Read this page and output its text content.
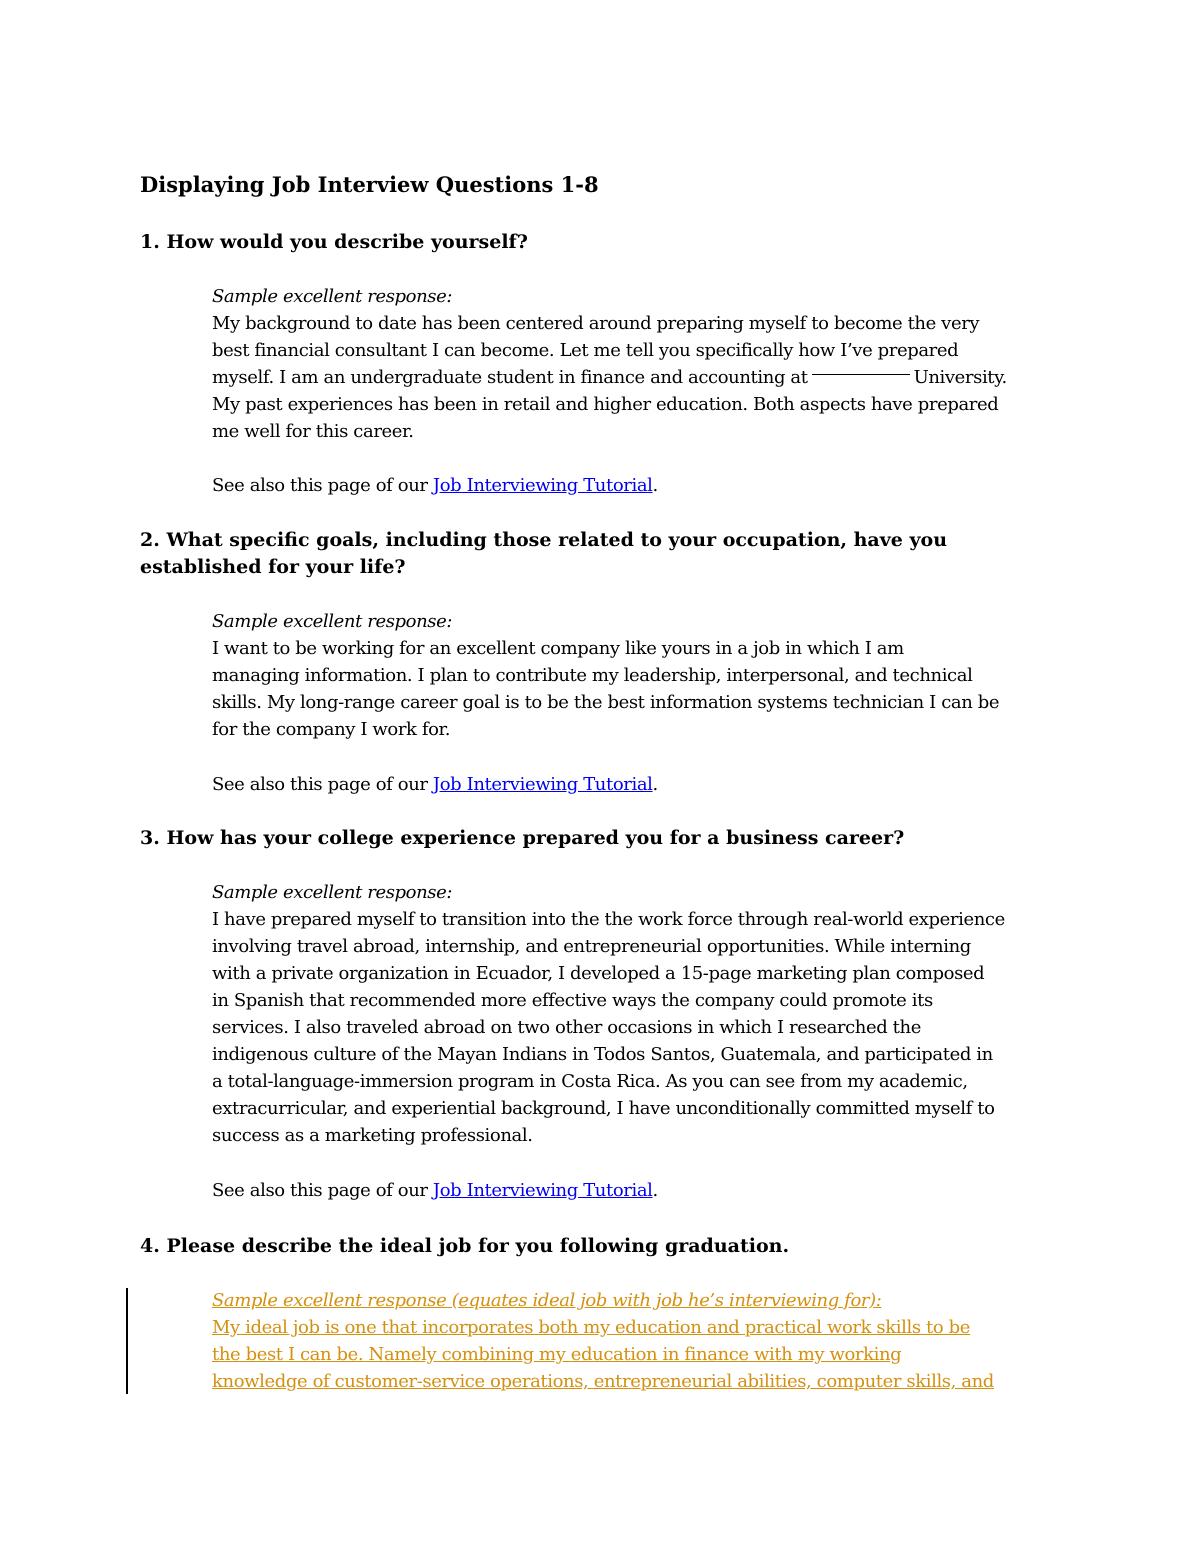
Displaying Job Interview Questions 1-8
1. How would you describe yourself?
Sample excellent response:
My background to date has been centered around preparing myself to become the very
best financial consultant I can become. Let me tell you specifically how I’ve prepared
myself. I am an undergraduate student in finance and accounting at	University.
My past experiences has been in retail and higher education. Both aspects have prepared
me well for this career.
See also this page of our Job Interviewing Tutorial.
2. What specific goals, including those related to your occupation, have you established for your life?
Sample excellent response:
I want to be working for an excellent company like yours in a job in which I am
managing information. I plan to contribute my leadership, interpersonal, and technical
skills. My long-range career goal is to be the best information systems technician I can be
for the company I work for.
See also this page of our Job Interviewing Tutorial.
3. How has your college experience prepared you for a business career?
Sample excellent response:
I have prepared myself to transition into the the work force through real-world experience
involving travel abroad, internship, and entrepreneurial opportunities. While interning
with a private organization in Ecuador, I developed a 15-page marketing plan composed
in Spanish that recommended more effective ways the company could promote its
services. I also traveled abroad on two other occasions in which I researched the
indigenous culture of the Mayan Indians in Todos Santos, Guatemala, and participated in
a total-language-immersion program in Costa Rica. As you can see from my academic,
extracurricular, and experiential background, I have unconditionally committed myself to
success as a marketing professional.
See also this page of our Job Interviewing Tutorial.
4. Please describe the ideal job for you following graduation.
Sample excellent response (equates ideal job with job he’s interviewing for):
My ideal job is one that incorporates both my education and practical work skills to be
the best I can be. Namely combining my education in finance with my working
knowledge of customer-service operations, entrepreneurial abilities, computer skills, and
